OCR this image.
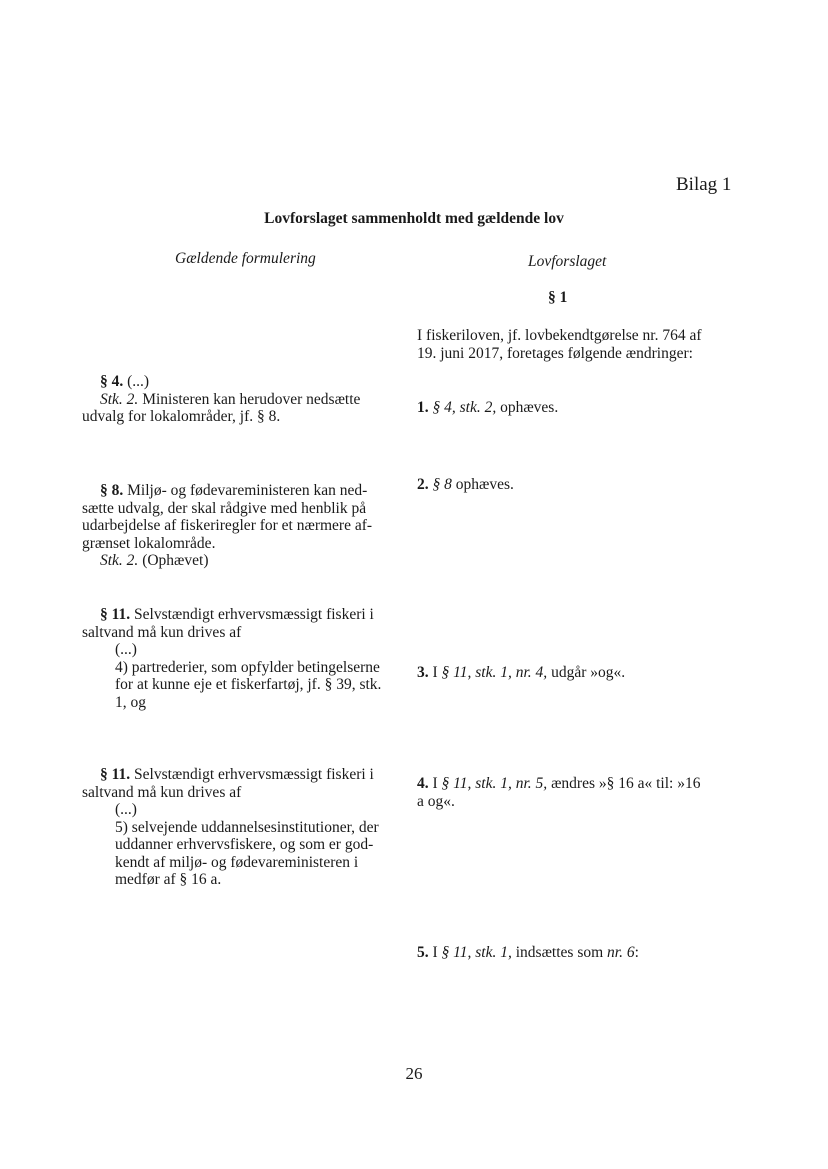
Bilag 1
Lovforslaget sammenholdt med gældende lov
Gældende formulering	Lovforslaget
§ 1
I fiskeriloven, jf. lovbekendtgørelse nr. 764 af
19. juni 2017, foretages følgende ændringer:
§ 4. (...)
Stk. 2. Ministeren kan herudover nedsætte
udvalg for lokalområder, jf. § 8.
1. § 4, stk. 2, ophæves.
§ 8. Miljø- og fødevareministeren kan ned-
sætte udvalg, der skal rådgive med henblik på
udarbejdelse af fiskeriregler for et nærmere af-
grænset lokalområde.
Stk. 2. (Ophævet)
2. § 8 ophæves.
§ 11. Selvstændigt erhvervsmæssigt fiskeri i
saltvand må kun drives af
(...)
4) partrederier, som opfylder betingelserne
for at kunne eje et fiskerfartøj, jf. § 39, stk.
1, og
3. I § 11, stk. 1, nr. 4, udgår »og«.
§ 11. Selvstændigt erhvervsmæssigt fiskeri i
saltvand må kun drives af
(...)
5) selvejende uddannelsesinstitutioner, der
uddanner erhvervsfiskere, og som er god-
kendt af miljø- og fødevareministeren i
medfør af § 16 a.
4. I § 11, stk. 1, nr. 5, ændres »§ 16 a« til: »16
a og«.
5. I § 11, stk. 1, indsættes som nr. 6:
26
